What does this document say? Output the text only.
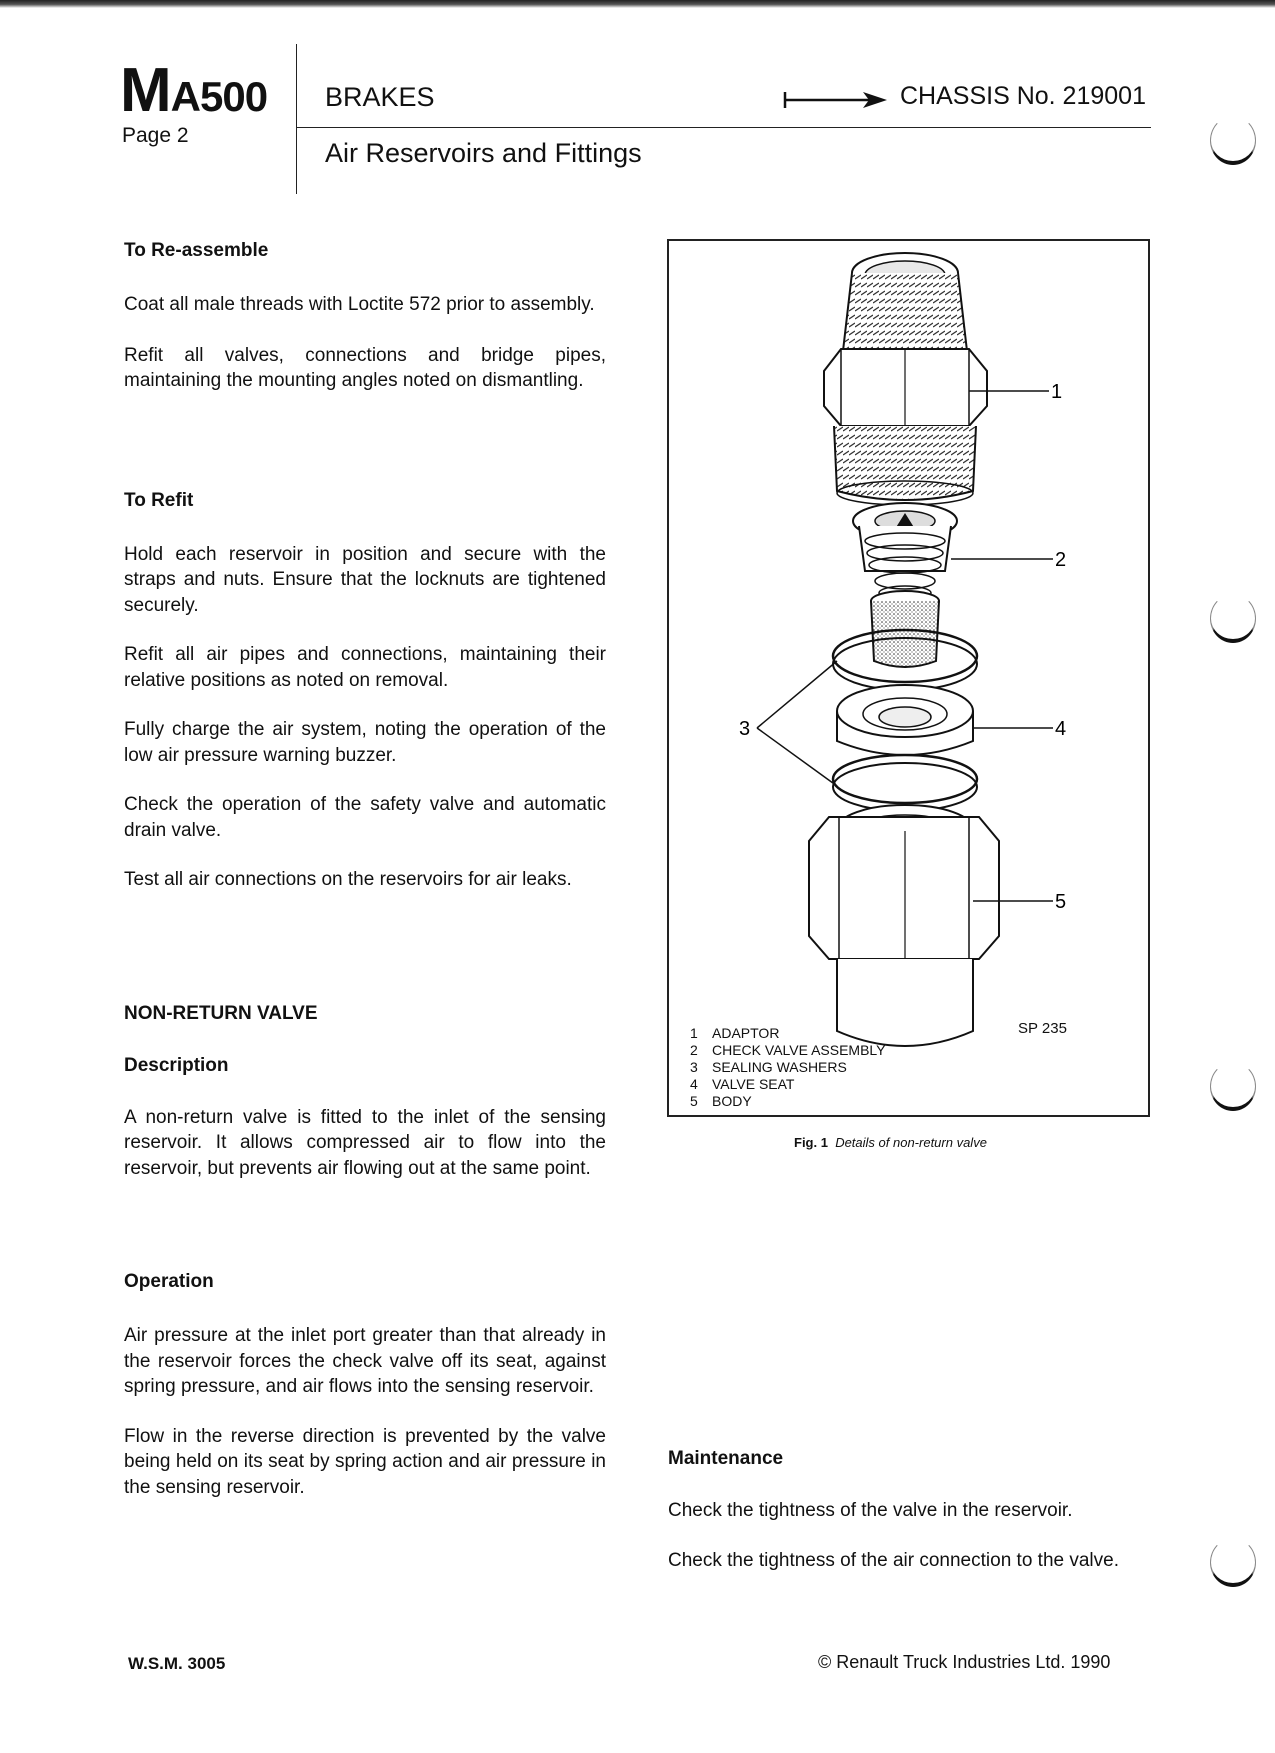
MA500
Page 2
BRAKES	CHASSIS No. 219001
Air Reservoirs and Fittings
To Re-assemble

Coat all male threads with Loctite 572 prior to assembly.

Refit all valves, connections and bridge pipes, maintaining the mounting angles noted on dismantling.

To Refit

Hold each reservoir in position and secure with the straps and nuts. Ensure that the locknuts are tightened securely.

Refit all air pipes and connections, maintaining their relative positions as noted on removal.

Fully charge the air system, noting the operation of the low air pressure warning buzzer.

Check the operation of the safety valve and automatic drain valve.

Test all air connections on the reservoirs for air leaks.

NON-RETURN VALVE
Description

A non-return valve is fitted to the inlet of the sensing reservoir. It allows compressed air to flow into the reservoir, but prevents air flowing out at the same point.

Operation

Air pressure at the inlet port greater than that already in the reservoir forces the check valve off its seat, against spring pressure, and air flows into the sensing reservoir.

Flow in the reverse direction is prevented by the valve being held on its seat by spring action and air pressure in the sensing reservoir.

1
2
3	4
5
1 ADAPTOR
2 CHECK VALVE ASSEMBLY
3 SEALING WASHERS
4 VALVE SEAT
5 BODY
SP 235
Fig. 1 Details of non-return valve
Maintenance

Check the tightness of the valve in the reservoir.

Check the tightness of the air connection to the valve.

W.S.M. 3005	© Renault Truck Industries Ltd. 1990
